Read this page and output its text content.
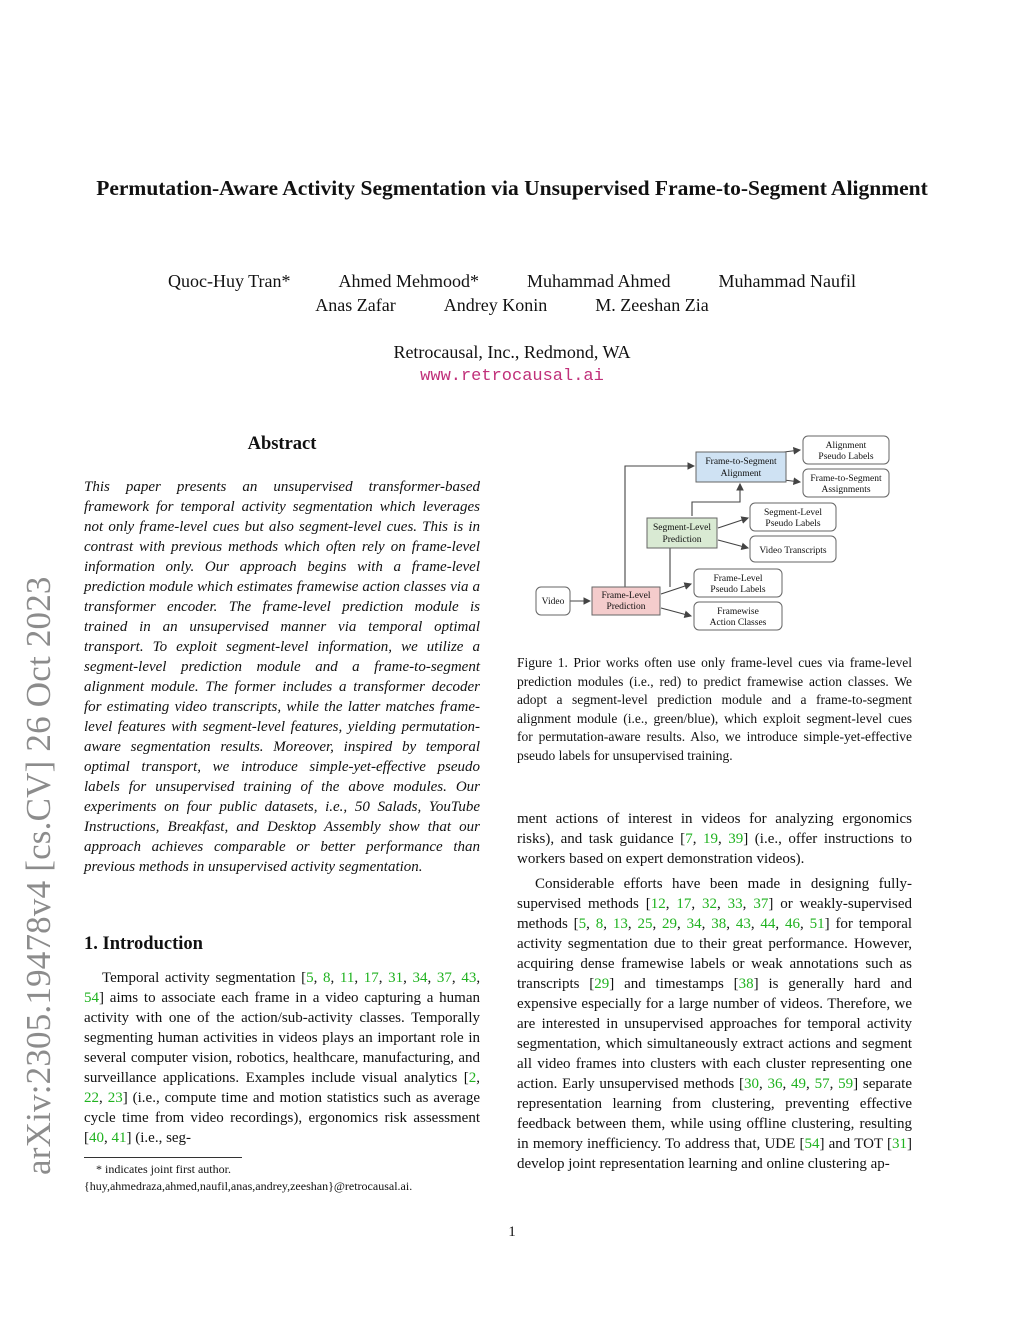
arXiv:2305.19478v4 [cs.CV] 26 Oct 2023
Permutation-Aware Activity Segmentation via Unsupervised Frame-to-Segment Alignment
Quoc-Huy Tran*	Ahmed Mehmood*	Muhammad Ahmed	Muhammad Naufil
Anas Zafar	Andrey Konin	M. Zeeshan Zia
Retrocausal, Inc., Redmond, WA
www.retrocausal.ai
Abstract
This paper presents an unsupervised transformer-based framework for temporal activity segmentation which leverages not only frame-level cues but also segment-level cues. This is in contrast with previous methods which often rely on frame-level information only. Our approach begins with a frame-level prediction module which estimates framewise action classes via a transformer encoder. The frame-level prediction module is trained in an unsupervised manner via temporal optimal transport. To exploit segment-level information, we utilize a segment-level prediction module and a frame-to-segment alignment module. The former includes a transformer decoder for estimating video transcripts, while the latter matches frame-level features with segment-level features, yielding permutation-aware segmentation results. Moreover, inspired by temporal optimal transport, we introduce simple-yet-effective pseudo labels for unsupervised training of the above modules. Our experiments on four public datasets, i.e., 50 Salads, YouTube Instructions, Breakfast, and Desktop Assembly show that our approach achieves comparable or better performance than previous methods in unsupervised activity segmentation.
1. Introduction
Temporal activity segmentation [5, 8, 11, 17, 31, 34, 37, 43, 54] aims to associate each frame in a video capturing a human activity with one of the action/sub-activity classes. Temporally segmenting human activities in videos plays an important role in several computer vision, robotics, healthcare, manufacturing, and surveillance applications. Examples include visual analytics [2, 22, 23] (i.e., compute time and motion statistics such as average cycle time from video recordings), ergonomics risk assessment [40, 41] (i.e., seg-
* indicates joint first author.
{huy,ahmedraza,ahmed,naufil,anas,andrey,zeeshan}@retrocausal.ai.
Video
Frame-Level
Prediction
Segment-Level
Prediction
Frame-to-Segment
Alignment
Alignment
Pseudo Labels
Frame-to-Segment
Assignments
Segment-Level
Pseudo Labels
Video Transcripts
Frame-Level
Pseudo Labels
Framewise
Action Classes
Figure 1. Prior works often use only frame-level cues via frame-level prediction modules (i.e., red) to predict framewise action classes. We adopt a segment-level prediction module and a frame-to-segment alignment module (i.e., green/blue), which exploit segment-level cues for permutation-aware results. Also, we introduce simple-yet-effective pseudo labels for unsupervised training.
ment actions of interest in videos for analyzing ergonomics risks), and task guidance [7, 19, 39] (i.e., offer instructions to workers based on expert demonstration videos).
Considerable efforts have been made in designing fully-supervised methods [12, 17, 32, 33, 37] or weakly-supervised methods [5, 8, 13, 25, 29, 34, 38, 43, 44, 46, 51] for temporal activity segmentation due to their great performance. However, acquiring dense framewise labels or weak annotations such as transcripts [29] and timestamps [38] is generally hard and expensive especially for a large number of videos. Therefore, we are interested in unsupervised approaches for temporal activity segmentation, which simultaneously extract actions and segment all video frames into clusters with each cluster representing one action. Early unsupervised methods [30, 36, 49, 57, 59] separate representation learning from clustering, preventing effective feedback between them, while using offline clustering, resulting in memory inefficiency. To address that, UDE [54] and TOT [31] develop joint representation learning and online clustering ap-
1
